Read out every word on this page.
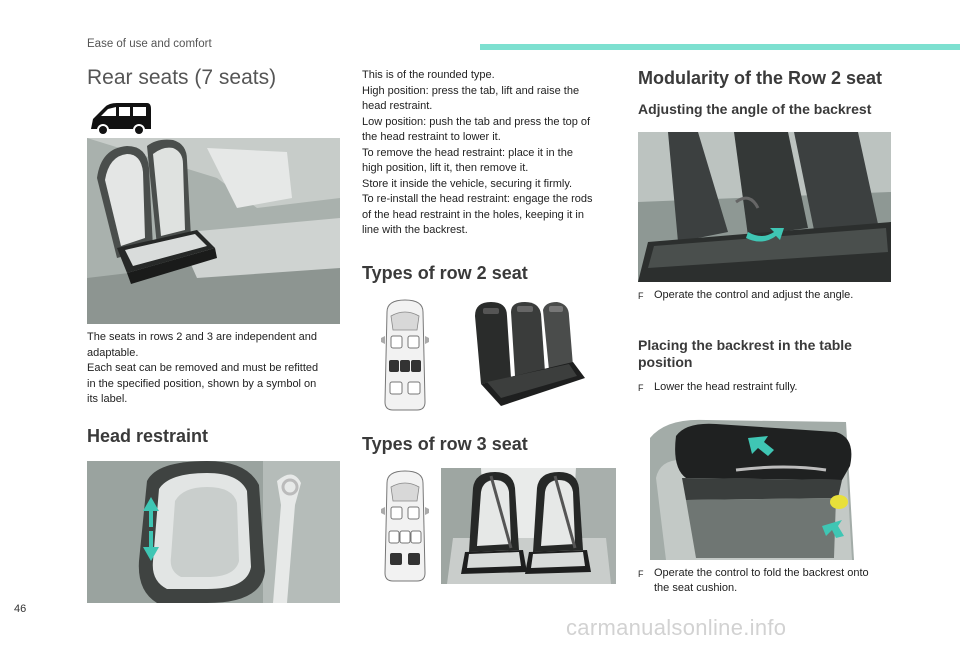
Ease of use and comfort
Rear seats (7 seats)
The seats in rows 2 and 3 are independent and
adaptable.
Each seat can be removed and must be refitted
in the specified position, shown by a symbol on
its label.
Head restraint
This is of the rounded type.
High position: press the tab, lift and raise the
head restraint.
Low position: push the tab and press the top of
the head restraint to lower it.
To remove the head restraint: place it in the
high position, lift it, then remove it.
Store it inside the vehicle, securing it firmly.
To re-install the head restraint: engage the rods
of the head restraint in the holes, keeping it in
line with the backrest.
Types of row 2 seat
Types of row 3 seat
Modularity of the Row 2 seat
Adjusting the angle of the backrest
F Operate the control and adjust the angle.
Placing the backrest in the table
position
F Lower the head restraint fully.
F Operate the control to fold the backrest onto
the seat cushion.
46
carmanualsonline.info
